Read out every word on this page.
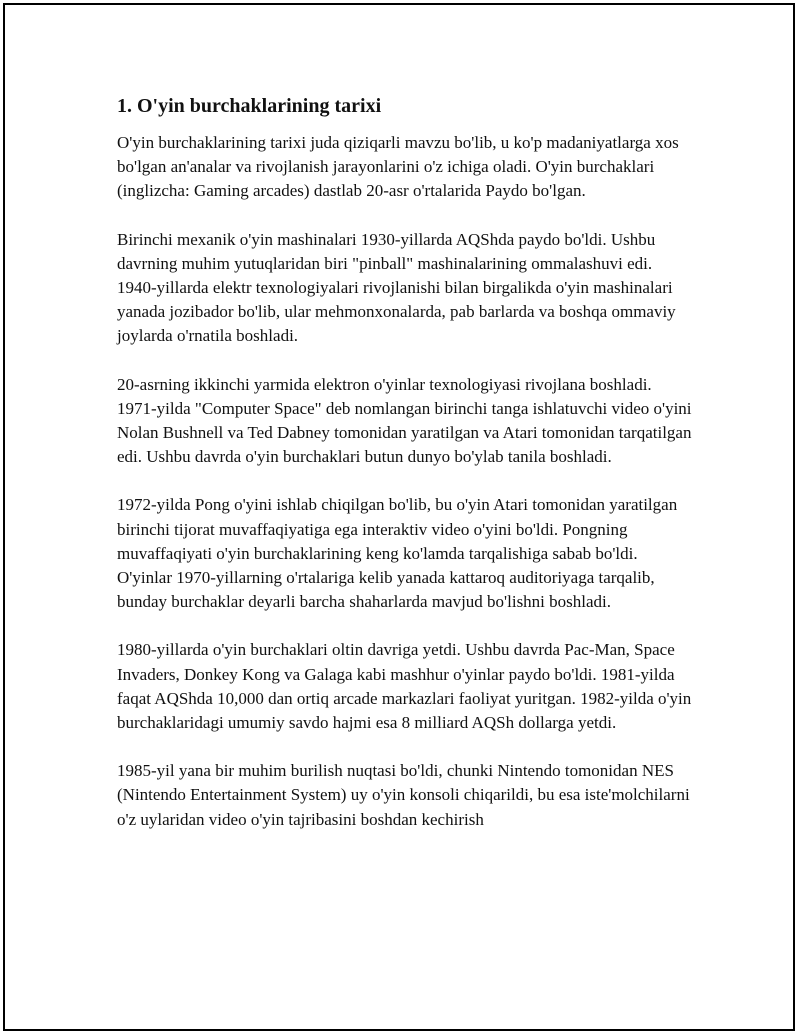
1. O'yin burchaklarining tarixi

O'yin burchaklarining tarixi juda qiziqarli mavzu bo'lib, u ko'p madaniyatlarga xos bo'lgan an'analar va rivojlanish jarayonlarini o'z ichiga oladi. O'yin burchaklari (inglizcha: Gaming arcades) dastlab 20-asr o'rtalarida Paydo bo'lgan.

Birinchi mexanik o'yin mashinalari 1930-yillarda AQShda paydo bo'ldi. Ushbu davrning muhim yutuqlaridan biri "pinball" mashinalarining ommalashuvi edi. 1940-yillarda elektr texnologiyalari rivojlanishi bilan birgalikda o'yin mashinalari yanada jozibador bo'lib, ular mehmonxonalarda, pab barlarda va boshqa ommaviy joylarda o'rnatila boshladi.

20-asrning ikkinchi yarmida elektron o'yinlar texnologiyasi rivojlana boshladi. 1971-yilda "Computer Space" deb nomlangan birinchi tanga ishlatuvchi video o'yini Nolan Bushnell va Ted Dabney tomonidan yaratilgan va Atari tomonidan tarqatilgan edi. Ushbu davrda o'yin burchaklari butun dunyo bo'ylab tanila boshladi.

1972-yilda Pong o'yini ishlab chiqilgan bo'lib, bu o'yin Atari tomonidan yaratilgan birinchi tijorat muvaffaqiyatiga ega interaktiv video o'yini bo'ldi. Pongning muvaffaqiyati o'yin burchaklarining keng ko'lamda tarqalishiga sabab bo'ldi. O'yinlar 1970-yillarning o'rtalariga kelib yanada kattaroq auditoriyaga tarqalib, bunday burchaklar deyarli barcha shaharlarda mavjud bo'lishni boshladi.

1980-yillarda o'yin burchaklari oltin davriga yetdi. Ushbu davrda Pac-Man, Space Invaders, Donkey Kong va Galaga kabi mashhur o'yinlar paydo bo'ldi. 1981-yilda faqat AQShda 10,000 dan ortiq arcade markazlari faoliyat yuritgan. 1982-yilda o'yin burchaklaridagi umumiy savdo hajmi esa 8 milliard AQSh dollarga yetdi.

1985-yil yana bir muhim burilish nuqtasi bo'ldi, chunki Nintendo tomonidan NES (Nintendo Entertainment System) uy o'yin konsoli chiqarildi, bu esa iste'molchilarni o'z uylaridan video o'yin tajribasini boshdan kechirish
